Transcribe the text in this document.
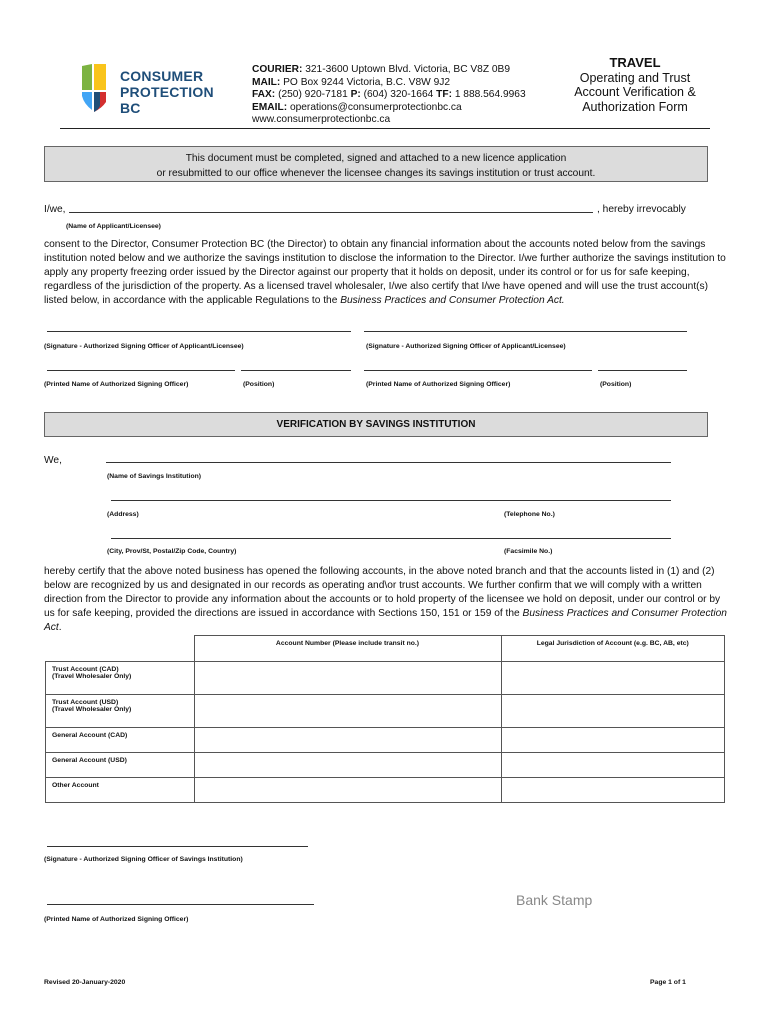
CONSUMER
PROTECTION BC
COURIER: 321-3600 Uptown Blvd. Victoria, BC V8Z 0B9
MAIL: PO Box 9244 Victoria, B.C. V8W 9J2
FAX: (250) 920-7181 P: (604) 320-1664 TF: 1 888.564.9963
EMAIL: operations@consumerprotectionbc.ca
www.consumerprotectionbc.ca
TRAVEL
Operating and Trust
Account Verification &
Authorization Form
This document must be completed, signed and attached to a new licence application
or resubmitted to our office whenever the licensee changes its savings institution or trust account.
I/we,	, hereby irrevocably
(Name of Applicant/Licensee)
consent to the Director, Consumer Protection BC (the Director) to obtain any financial information about the accounts noted below from the savings
institution noted below and we authorize the savings institution to disclose the information to the Director. I/we further authorize the savings institution to
apply any property freezing order issued by the Director against our property that it holds on deposit, under its control or for us for safe keeping,
regardless of the jurisdiction of the property. As a licensed travel wholesaler, I/we also certify that I/we have opened and will use the trust account(s)
listed below, in accordance with the applicable Regulations to the Business Practices and Consumer Protection Act.
(Signature - Authorized Signing Officer of Applicant/Licensee)	(Signature - Authorized Signing Officer of Applicant/Licensee)
(Printed Name of Authorized Signing Officer)	(Position)	(Printed Name of Authorized Signing Officer)	(Position)
VERIFICATION BY SAVINGS INSTITUTION
We,
(Name of Savings Institution)
(Address)	(Telephone No.)
(City, Prov/St, Postal/Zip Code, Country)	(Facsimile No.)
hereby certify that the above noted business has opened the following accounts, in the above noted branch and that the accounts listed in (1) and (2)
below are recognized by us and designated in our records as operating and\or trust accounts. We further confirm that we will comply with a written
direction from the Director to provide any information about the accounts or to hold property of the licensee we hold on deposit, under our control or by
us for safe keeping, provided the directions are issued in accordance with Sections 150, 151 or 159 of the Business Practices and Consumer Protection
Act.
	Account Number (Please include transit no.)	Legal Jurisdiction of Account (e.g. BC, AB, etc)

Trust Account (CAD)
(Travel Wholesaler Only)		

Trust Account (USD)
(Travel Wholesaler Only)		

General Account (CAD)		
General Account (USD)		
Other Account		
(Signature - Authorized Signing Officer of Savings Institution)
(Printed Name of Authorized Signing Officer)
Bank Stamp
Revised 20-January-2020	Page 1 of 1
